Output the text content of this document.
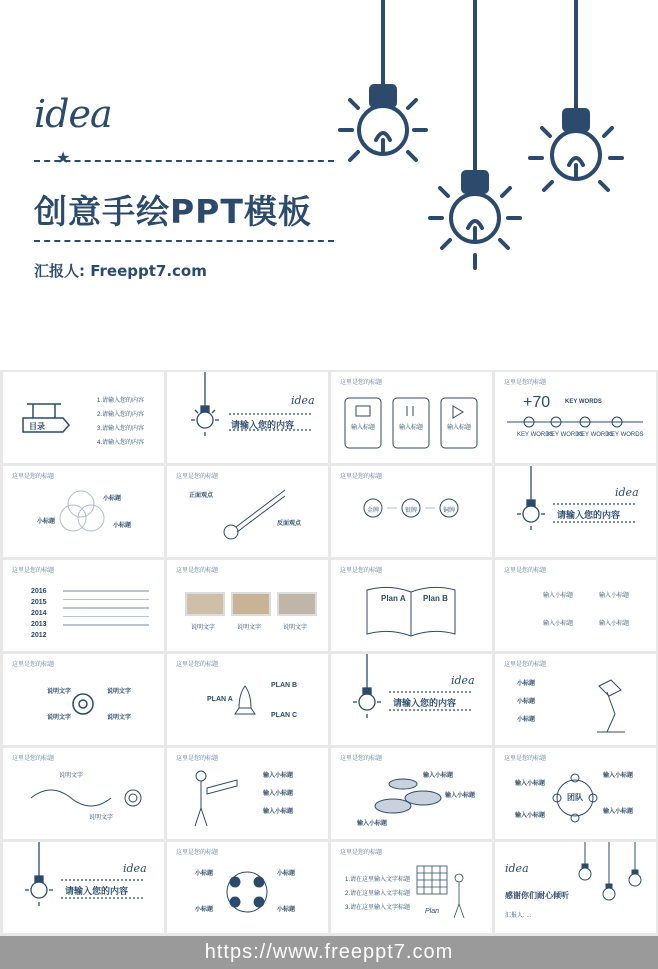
idea
★
创意手绘PPT模板
汇报人: Freeppt7.com
目录
1.请输入您的内容
2.请输入您的内容
3.请输入您的内容
4.请输入您的内容
请输入您的内容
idea
这里是您的标题
输入标题	输入标题	输入标题
这里是您的标题
+70 KEY WORDS
KEY WORDS
KEY WORDS
KEY WORDS
KEY WORDS
这里是您的标题
小标题
小标题
小标题
这里是您的标题
正面观点
反面观点
这里是您的标题
金牌	银牌	铜牌
idea
请输入您的内容
这里是您的标题
2016
2015
2014
2013
2012
这里是您的标题
说明文字	说明文字	说明文字
这里是您的标题
Plan A Plan B
这里是您的标题
输入小标题	输入小标题
输入小标题	输入小标题
这里是您的标题
说明文字	说明文字
说明文字	说明文字
这里是您的标题
PLAN A
PLAN B
PLAN C
idea
请输入您的内容
这里是您的标题
小标题
小标题
小标题
这里是您的标题
说明文字
说明文字
这里是您的标题
输入小标题
输入小标题
输入小标题
这里是您的标题
输入小标题
输入小标题
输入小标题
这里是您的标题
团队
输入小标题
输入小标题
输入小标题
输入小标题
idea
请输入您的内容
这里是您的标题
小标题	小标题
小标题	小标题
这里是您的标题
1.请在这里输入文字标题
2.请在这里输入文字标题
3.请在这里输入文字标题 Plan
idea
感谢你们耐心倾听
汇报人: ...
https://www.freeppt7.com
